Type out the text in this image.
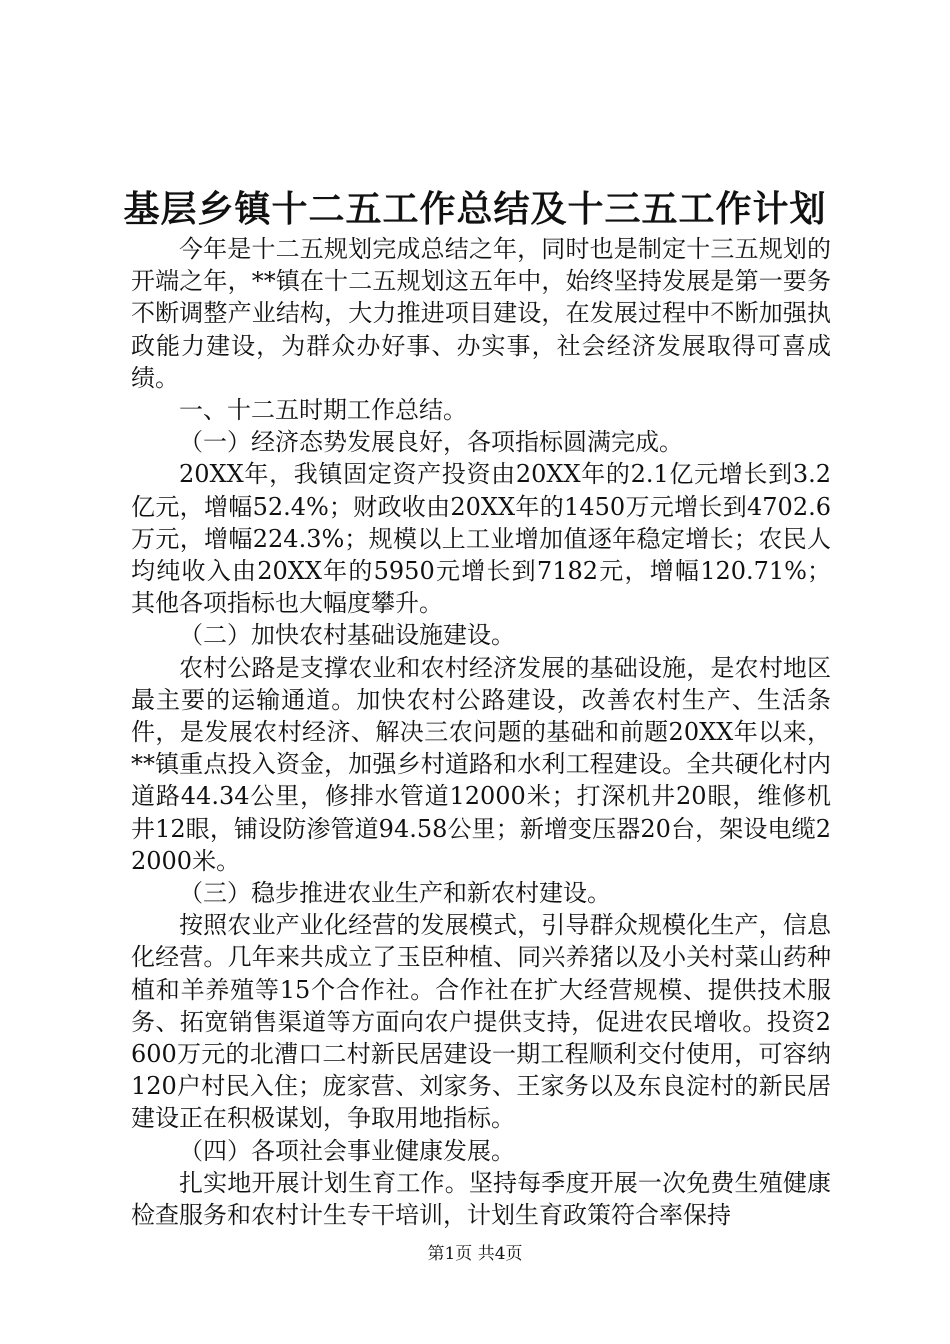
基层乡镇十二五工作总结及十三五工作计划

今年是十二五规划完成总结之年，同时也是制定十三五规划的开端之年，**镇在十二五规划这五年中，始终坚持发展是第一要务不断调整产业结构，大力推进项目建设，在发展过程中不断加强执政能力建设，为群众办好事、办实事，社会经济发展取得可喜成绩。

一、十二五时期工作总结。

（一）经济态势发展良好，各项指标圆满完成。

20XX年，我镇固定资产投资由20XX年的2.1亿元增长到3.2亿元，增幅52.4%；财政收由20XX年的1450万元增长到4702.6万元，增幅224.3%；规模以上工业增加值逐年稳定增长；农民人均纯收入由20XX年的5950元增长到7182元，增幅120.71%；其他各项指标也大幅度攀升。

（二）加快农村基础设施建设。

农村公路是支撑农业和农村经济发展的基础设施，是农村地区最主要的运输通道。加快农村公路建设，改善农村生产、生活条件，是发展农村经济、解决三农问题的基础和前题20XX年以来，**镇重点投入资金，加强乡村道路和水利工程建设。全共硬化村内道路44.34公里，修排水管道12000米；打深机井20眼，维修机井12眼，铺设防渗管道94.58公里；新增变压器20台，架设电缆22000米。

（三）稳步推进农业生产和新农村建设。

按照农业产业化经营的发展模式，引导群众规模化生产，信息化经营。几年来共成立了玉臣种植、同兴养猪以及小关村菜山药种植和羊养殖等15个合作社。合作社在扩大经营规模、提供技术服务、拓宽销售渠道等方面向农户提供支持，促进农民增收。投资2600万元的北漕口二村新民居建设一期工程顺利交付使用，可容纳120户村民入住；庞家营、刘家务、王家务以及东良淀村的新民居建设正在积极谋划，争取用地指标。

（四）各项社会事业健康发展。

扎实地开展计划生育工作。坚持每季度开展一次免费生殖健康检查服务和农村计生专干培训，计划生育政策符合率保持

第1页 共4页
